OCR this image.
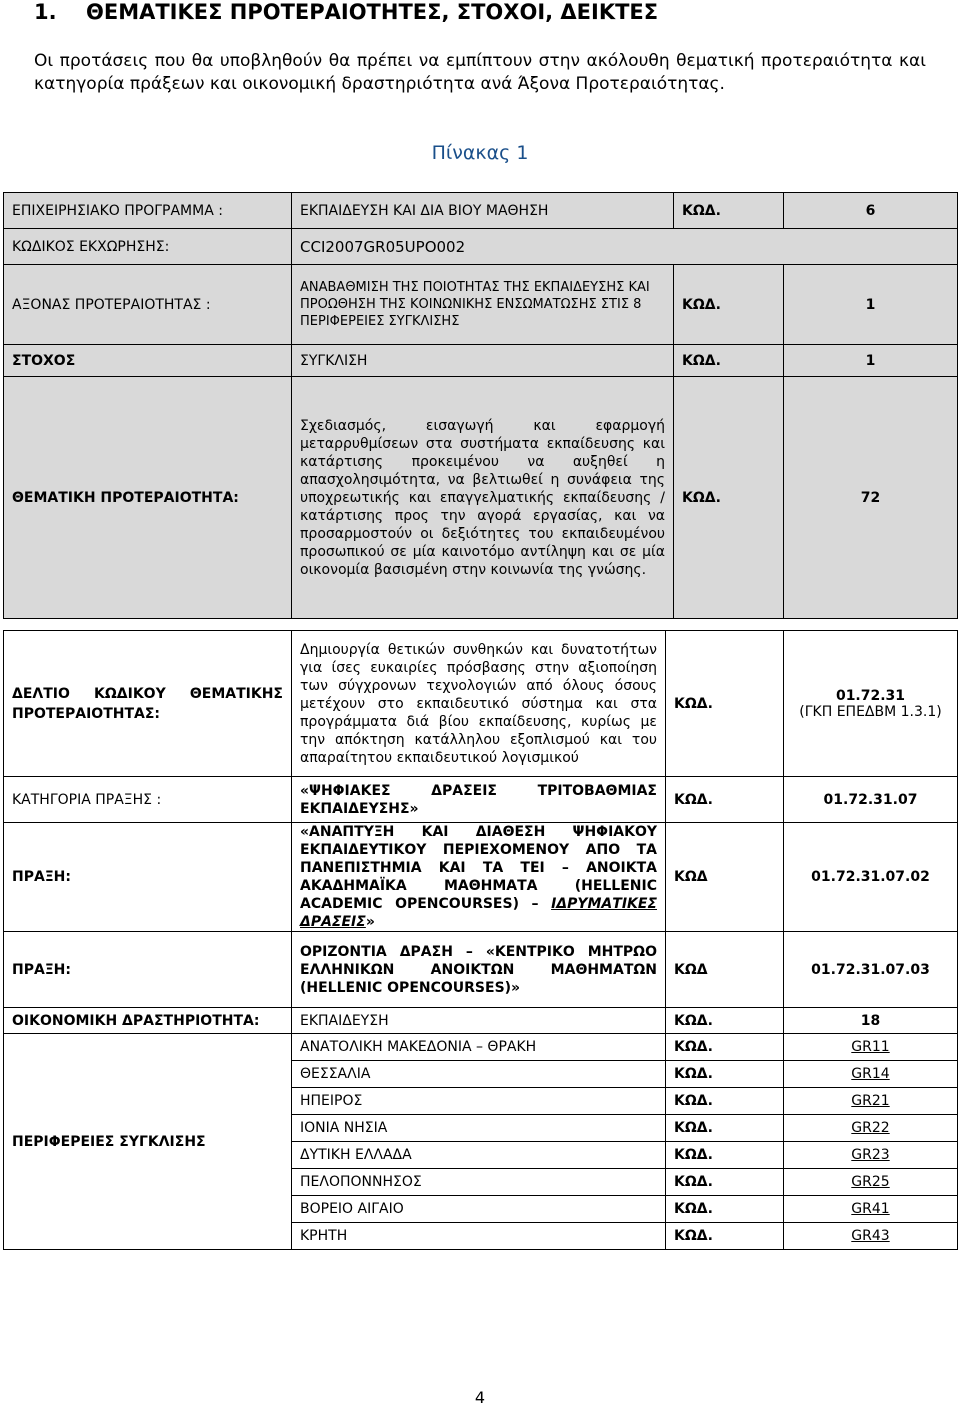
1. ΘΕΜΑΤΙΚΕΣ ΠΡΟΤΕΡΑΙΟΤΗΤΕΣ, ΣΤΟΧΟΙ, ΔΕΙΚΤΕΣ
Οι προτάσεις που θα υποβληθούν θα πρέπει να εμπίπτουν στην ακόλουθη θεματική προτεραιότητα και κατηγορία πράξεων και οικονομική δραστηριότητα ανά Άξονα Προτεραιότητας.
Πίνακας 1
ΕΠΙΧΕΙΡΗΣΙΑΚΟ ΠΡΟΓΡΑΜΜΑ :	ΕΚΠΑΙΔΕΥΣΗ ΚΑΙ ΔΙΑ ΒΙΟΥ ΜΑΘΗΣΗ	ΚΩΔ.	6
ΚΩΔΙΚΟΣ ΕΚΧΩΡΗΣΗΣ:	CCI2007GR05UPO002		
ΑΞΟΝΑΣ ΠΡΟΤΕΡΑΙΟΤΗΤΑΣ :	ΑΝΑΒΑΘΜΙΣΗ ΤΗΣ ΠΟΙΟΤΗΤΑΣ ΤΗΣ ΕΚΠΑΙΔΕΥΣΗΣ ΚΑΙ ΠΡΟΩΘΗΣΗ ΤΗΣ ΚΟΙΝΩΝΙΚΗΣ ΕΝΣΩΜΑΤΩΣΗΣ ΣΤΙΣ 8 ΠΕΡΙΦΕΡΕΙΕΣ ΣΥΓΚΛΙΣΗΣ	ΚΩΔ.	1
ΣΤΟΧΟΣ	ΣΥΓΚΛΙΣΗ	ΚΩΔ.	1
ΘΕΜΑΤΙΚΗ ΠΡΟΤΕΡΑΙΟΤΗΤΑ:	Σχεδιασμός, εισαγωγή και εφαρμογή μεταρρυθμίσεων στα συστήματα εκπαίδευσης και κατάρτισης προκειμένου να αυξηθεί η απασχολησιμότητα, να βελτιωθεί η συνάφεια της υποχρεωτικής και επαγγελματικής εκπαίδευσης / κατάρτισης προς την αγορά εργασίας, και να προσαρμοστούν οι δεξιότητες του εκπαιδευμένου προσωπικού σε μία καινοτόμο αντίληψη και σε μία οικονομία βασισμένη στην κοινωνία της γνώσης.	ΚΩΔ.	72
ΔΕΛΤΙΟ ΚΩΔΙΚΟΥ ΘΕΜΑΤΙΚΗΣ ΠΡΟΤΕΡΑΙΟΤΗΤΑΣ:	Δημιουργία θετικών συνθηκών και δυνατοτήτων για ίσες ευκαιρίες πρόσβασης στην αξιοποίηση των σύγχρονων τεχνολογιών από όλους όσους μετέχουν στο εκπαιδευτικό σύστημα και στα προγράμματα διά βίου εκπαίδευσης, κυρίως με την απόκτηση κατάλληλου εξοπλισμού και του απαραίτητου εκπαιδευτικού λογισμικού	ΚΩΔ.	01.72.31
(ΓΚΠ ΕΠΕΔΒΜ 1.3.1)

ΚΑΤΗΓΟΡΙΑ ΠΡΑΞΗΣ :	«ΨΗΦΙΑΚΕΣ ΔΡΑΣΕΙΣ ΤΡΙΤΟΒΑΘΜΙΑΣ ΕΚΠΑΙΔΕΥΣΗΣ»	ΚΩΔ.	01.72.31.07
ΠΡΑΞΗ:	«ΑΝΑΠΤΥΞΗ ΚΑΙ ΔΙΑΘΕΣΗ ΨΗΦΙΑΚΟΥ ΕΚΠΑΙΔΕΥΤΙΚΟΥ ΠΕΡΙΕΧΟΜΕΝΟΥ ΑΠΟ ΤΑ ΠΑΝΕΠΙΣΤΗΜΙΑ ΚΑΙ ΤΑ ΤΕΙ – ΑΝΟΙΚΤΑ ΑΚΑΔΗΜΑΪΚΑ ΜΑΘΗΜΑΤΑ (HELLENIC ACADEMIC OPENCOURSES) – ΙΔΡΥΜΑΤΙΚΕΣ ΔΡΑΣΕΙΣ»	ΚΩΔ	01.72.31.07.02
ΠΡΑΞΗ:	ΟΡΙΖΟΝΤΙΑ ΔΡΑΣΗ – «ΚΕΝΤΡΙΚΟ ΜΗΤΡΩΟ ΕΛΛΗΝΙΚΩΝ ΑΝΟΙΚΤΩΝ ΜΑΘΗΜΑΤΩΝ (HELLENIC OPENCOURSES)»	ΚΩΔ	01.72.31.07.03
ΟΙΚΟΝΟΜΙΚΗ ΔΡΑΣΤΗΡΙΟΤΗΤΑ:	ΕΚΠΑΙΔΕΥΣΗ	ΚΩΔ.	18
ΠΕΡΙΦΕΡΕΙΕΣ ΣΥΓΚΛΙΣΗΣ	ΑΝΑΤΟΛΙΚΗ ΜΑΚΕΔΟΝΙΑ – ΘΡΑΚΗ	ΚΩΔ.	GR11
	ΘΕΣΣΑΛΙΑ	ΚΩΔ.	GR14
	ΗΠΕΙΡΟΣ	ΚΩΔ.	GR21
	ΙΟΝΙΑ ΝΗΣΙΑ	ΚΩΔ.	GR22
	ΔΥΤΙΚΗ ΕΛΛΑΔΑ	ΚΩΔ.	GR23
	ΠΕΛΟΠΟΝΝΗΣΟΣ	ΚΩΔ.	GR25
	ΒΟΡΕΙΟ ΑΙΓΑΙΟ	ΚΩΔ.	GR41
	ΚΡΗΤΗ	ΚΩΔ.	GR43
4
